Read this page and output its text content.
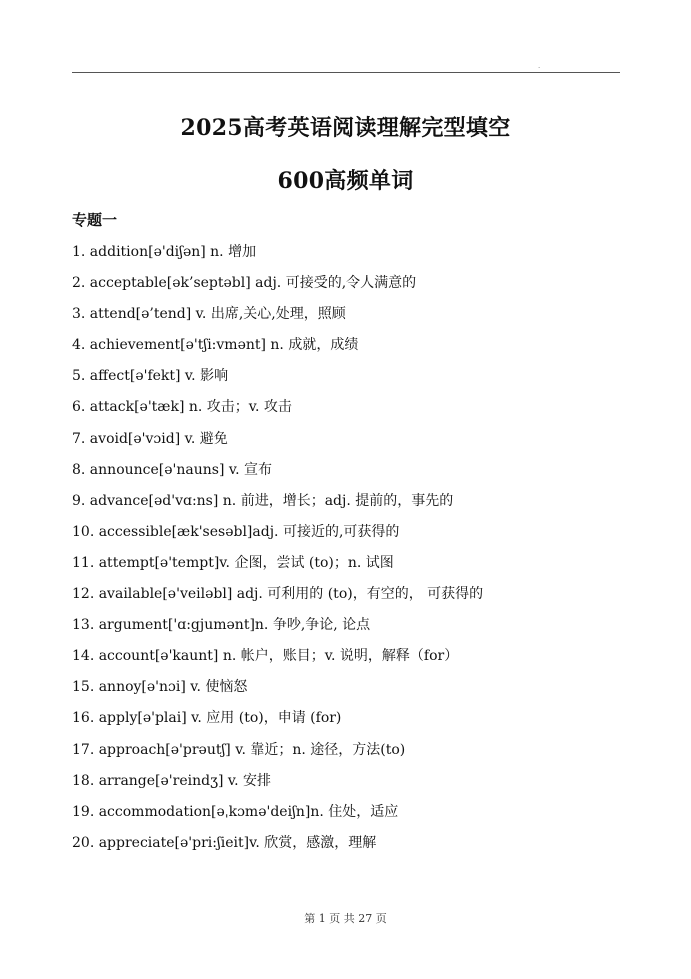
.
2025高考英语阅读理解完型填空
600高频单词
专题一
1. addition[ə'diʃən] n. 增加
2. acceptable[ək’septəbl] adj. 可接受的,令人满意的
3. attend[ə’tend] v. 出席,关心,处理，照顾
4. achievement[ə'tʃi:vmənt] n. 成就，成绩
5. affect[ə'fekt] v. 影响
6. attack[ə'tæk] n. 攻击；v. 攻击
7. avoid[ə'vɔid] v. 避免
8. announce[ə'nauns] v. 宣布
9. advance[əd'vɑ:ns] n. 前进，增长；adj. 提前的，事先的
10. accessible[æk'sesəbl]adj. 可接近的,可获得的
11. attempt[ə'tempt]v. 企图，尝试 (to)；n. 试图
12. available[ə'veiləbl] adj. 可利用的 (to)，有空的， 可获得的
13. argument['ɑ:gjumənt]n. 争吵,争论, 论点
14. account[ə'kaunt] n. 帐户，账目；v. 说明，解释（for）
15. annoy[ə'nɔi] v. 使恼怒
16. apply[ə'plai] v. 应用 (to)，申请 (for)
17. approach[ə'prəutʃ] v. 靠近；n. 途径，方法(to)
18. arrange[ə'reindʒ] v. 安排
19. accommodation[əˌkɔmə'deiʃn]n. 住处，适应
20. appreciate[ə'pri:ʃieit]v. 欣赏，感激，理解
第 1 页 共 27 页
